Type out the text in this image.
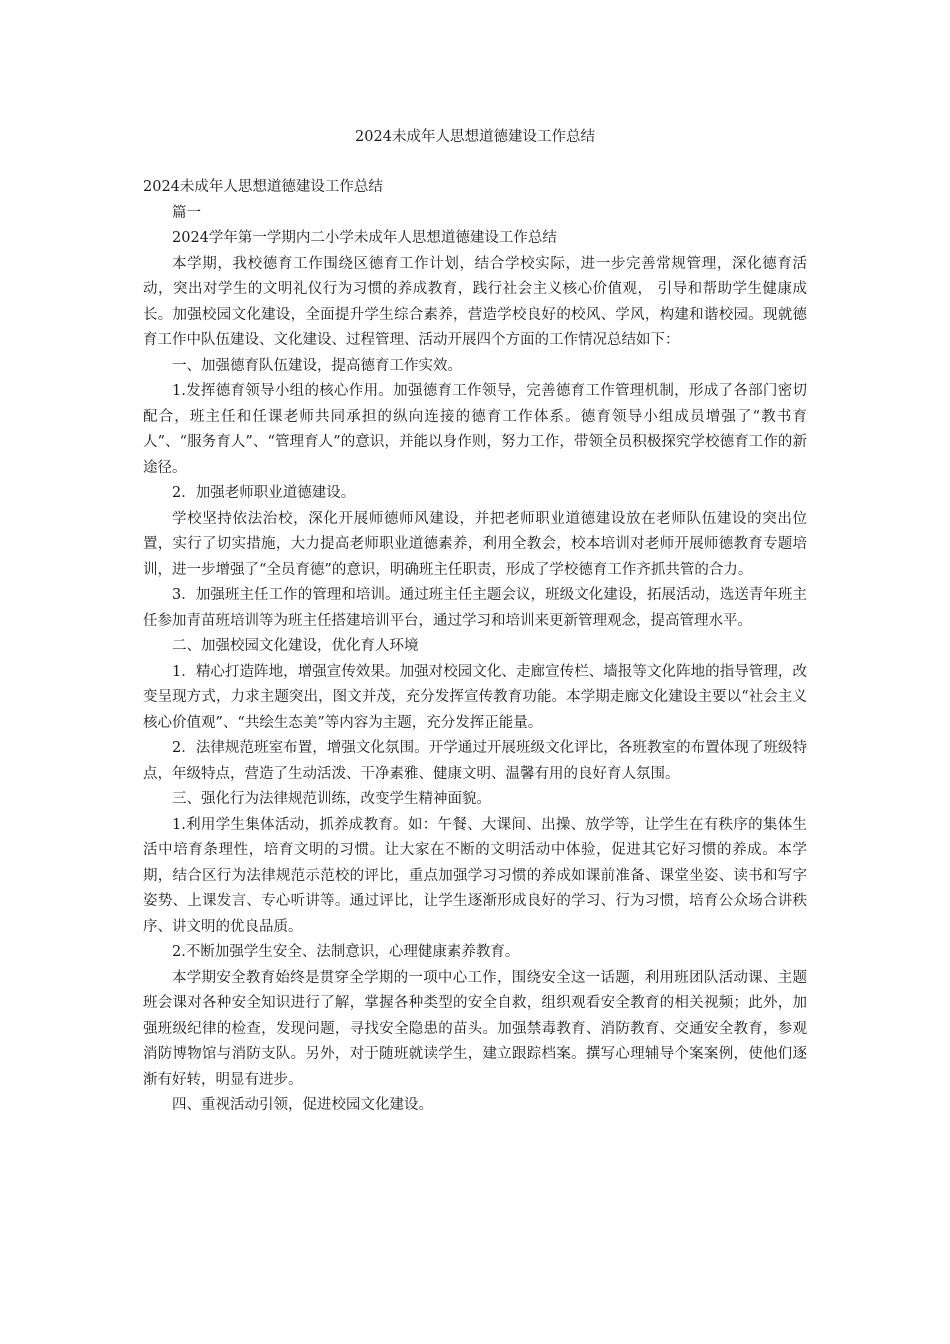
2024未成年人思想道德建设工作总结

2024未成年人思想道德建设工作总结

篇一

2024学年第一学期内二小学未成年人思想道德建设工作总结

本学期，我校德育工作围绕区德育工作计划，结合学校实际，进一步完善常规管理，深化德育活动，突出对学生的文明礼仪行为习惯的养成教育，践行社会主义核心价值观， 引导和帮助学生健康成长。加强校园文化建设，全面提升学生综合素养，营造学校良好的校风、学风，构建和谐校园。现就德育工作中队伍建设、文化建设、过程管理、活动开展四个方面的工作情况总结如下：

一、加强德育队伍建设，提高德育工作实效。

1.发挥德育领导小组的核心作用。加强德育工作领导，完善德育工作管理机制，形成了各部门密切配合，班主任和任课老师共同承担的纵向连接的德育工作体系。德育领导小组成员增强了“教书育人”、“服务育人”、“管理育人”的意识，并能以身作则，努力工作，带领全员积极探究学校德育工作的新途径。

2．加强老师职业道德建设。

学校坚持依法治校，深化开展师德师风建设，并把老师职业道德建设放在老师队伍建设的突出位置，实行了切实措施，大力提高老师职业道德素养，利用全教会，校本培训对老师开展师德教育专题培训，进一步增强了“全员育德”的意识，明确班主任职责，形成了学校德育工作齐抓共管的合力。

3．加强班主任工作的管理和培训。通过班主任主题会议，班级文化建设，拓展活动，选送青年班主任参加青苗班培训等为班主任搭建培训平台，通过学习和培训来更新管理观念，提高管理水平。

二、加强校园文化建设，优化育人环境

1．精心打造阵地，增强宣传效果。加强对校园文化、走廊宣传栏、墙报等文化阵地的指导管理，改变呈现方式，力求主题突出，图文并茂，充分发挥宣传教育功能。本学期走廊文化建设主要以“社会主义核心价值观”、“共绘生态美”等内容为主题，充分发挥正能量。

2．法律规范班室布置，增强文化氛围。开学通过开展班级文化评比，各班教室的布置体现了班级特点，年级特点，营造了生动活泼、干净素雅、健康文明、温馨有用的良好育人氛围。

三、强化行为法律规范训练，改变学生精神面貌。

1.利用学生集体活动，抓养成教育。如：午餐、大课间、出操、放学等，让学生在有秩序的集体生活中培育条理性，培育文明的习惯。让大家在不断的文明活动中体验，促进其它好习惯的养成。本学期，结合区行为法律规范示范校的评比，重点加强学习习惯的养成如课前准备、课堂坐姿、读书和写字姿势、上课发言、专心听讲等。通过评比，让学生逐渐形成良好的学习、行为习惯，培育公众场合讲秩序、讲文明的优良品质。

2.不断加强学生安全、法制意识，心理健康素养教育。

本学期安全教育始终是贯穿全学期的一项中心工作，围绕安全这一话题，利用班团队活动课、主题班会课对各种安全知识进行了解，掌握各种类型的安全自救，组织观看安全教育的相关视频；此外，加强班级纪律的检查，发现问题，寻找安全隐患的苗头。加强禁毒教育、消防教育、交通安全教育，参观消防博物馆与消防支队。另外，对于随班就读学生，建立跟踪档案。撰写心理辅导个案案例，使他们逐渐有好转，明显有进步。

四、重视活动引领，促进校园文化建设。
